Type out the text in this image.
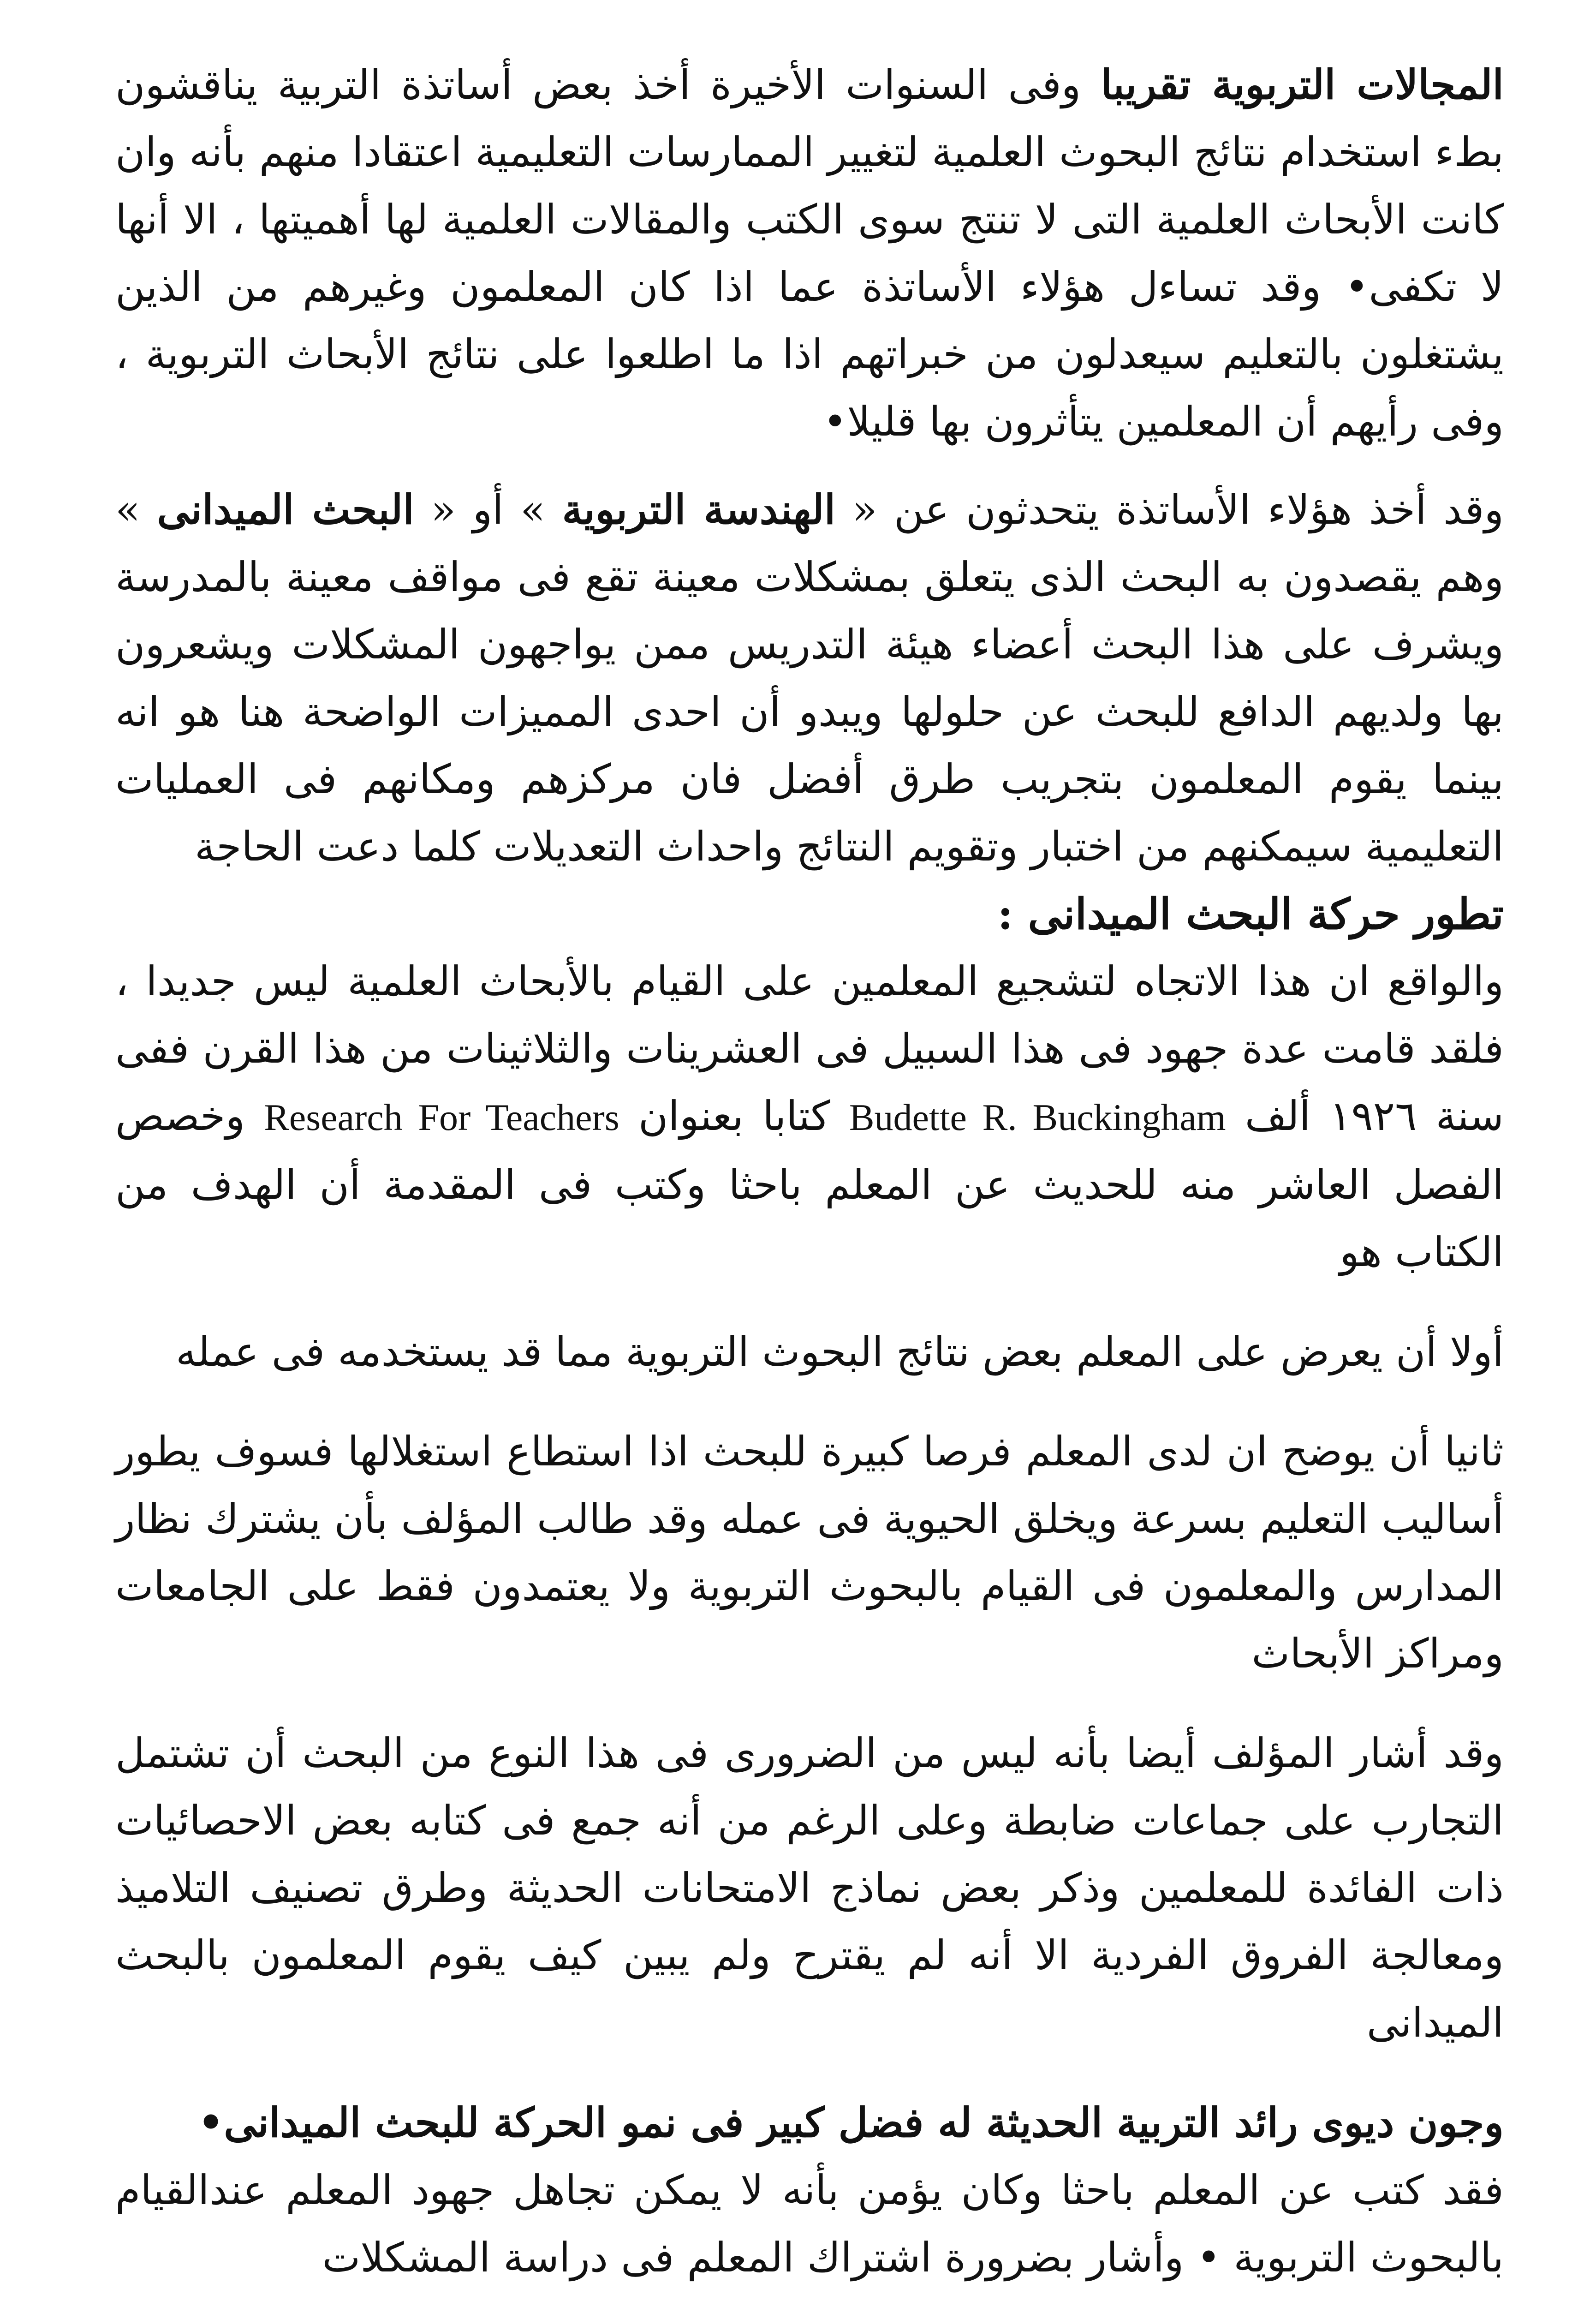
المجالات التربوية تقريبا وفى السنوات الأخيرة أخذ بعض أساتذة التربية يناقشون بطء استخدام نتائج البحوث العلمية لتغيير الممارسات التعليمية اعتقادا منهم بأنه وان كانت الأبحاث العلمية التى لا تنتج سوى الكتب والمقالات العلمية لها أهميتها ، الا أنها لا تكفى• وقد تساءل هؤلاء الأساتذة عما اذا كان المعلمون وغيرهم من الذين يشتغلون بالتعليم سيعدلون من خبراتهم اذا ما اطلعوا على نتائج الأبحاث التربوية ، وفى رأيهم أن المعلمين يتأثرون بها قليلا•

وقد أخذ هؤلاء الأساتذة يتحدثون عن « الهندسة التربوية » أو « البحث الميدانى » وهم يقصدون به البحث الذى يتعلق بمشكلات معينة تقع فى مواقف معينة بالمدرسة ويشرف على هذا البحث أعضاء هيئة التدريس ممن يواجهون المشكلات ويشعرون بها ولديهم الدافع للبحث عن حلولها ويبدو أن احدى المميزات الواضحة هنا هو انه بينما يقوم المعلمون بتجريب طرق أفضل فان مركزهم ومكانهم فى العمليات التعليمية سيمكنهم من اختبار وتقويم النتائج واحداث التعديلات كلما دعت الحاجة

تطور حركة البحث الميدانى :

والواقع ان هذا الاتجاه لتشجيع المعلمين على القيام بالأبحاث العلمية ليس جديدا ، فلقد قامت عدة جهود فى هذا السبيل فى العشرينات والثلاثينات من هذا القرن ففى سنة ١٩٢٦ ألف Budette R. Buckingham كتابا بعنوان Research For Teachers وخصص الفصل العاشر منه للحديث عن المعلم باحثا وكتب فى المقدمة أن الهدف من الكتاب هو

أولا أن يعرض على المعلم بعض نتائج البحوث التربوية مما قد يستخدمه فى عمله

ثانيا أن يوضح ان لدى المعلم فرصا كبيرة للبحث اذا استطاع استغلالها فسوف يطور أساليب التعليم بسرعة ويخلق الحيوية فى عمله وقد طالب المؤلف بأن يشترك نظار المدارس والمعلمون فى القيام بالبحوث التربوية ولا يعتمدون فقط على الجامعات ومراكز الأبحاث

وقد أشار المؤلف أيضا بأنه ليس من الضرورى فى هذا النوع من البحث أن تشتمل التجارب على جماعات ضابطة وعلى الرغم من أنه جمع فى كتابه بعض الاحصائيات ذات الفائدة للمعلمين وذكر بعض نماذج الامتحانات الحديثة وطرق تصنيف التلاميذ ومعالجة الفروق الفردية الا أنه لم يقترح ولم يبين كيف يقوم المعلمون بالبحث الميدانى

وجون ديوى رائد التربية الحديثة له فضل كبير فى نمو الحركة للبحث الميدانى•
فقد كتب عن المعلم باحثا وكان يؤمن بأنه لا يمكن تجاهل جهود المعلم عندالقيام بالبحوث التربوية • وأشار بضرورة اشتراك المعلم فى دراسة المشكلات
